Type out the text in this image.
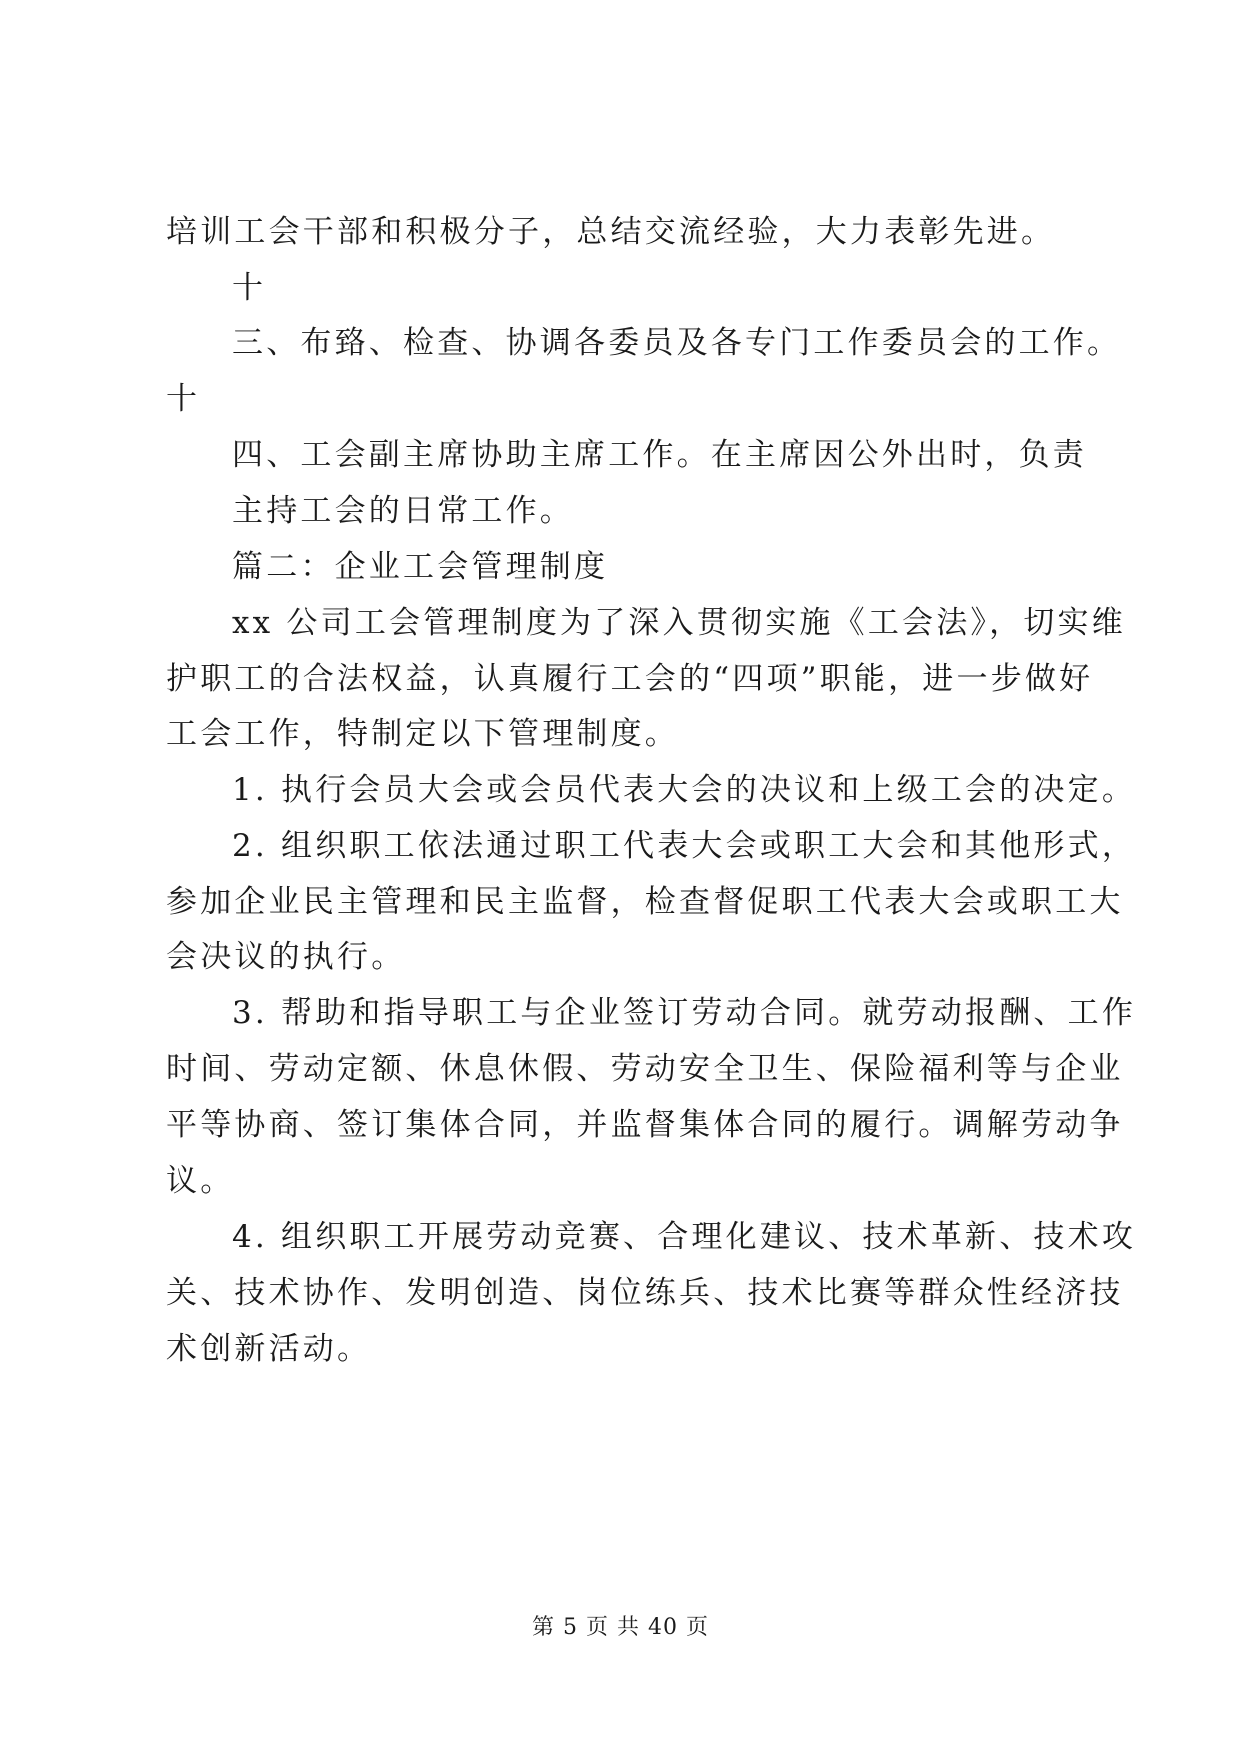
培训工会干部和积极分子，总结交流经验，大力表彰先进。
十
三、布臵、检查、协调各委员及各专门工作委员会的工作。
十
四、工会副主席协助主席工作。在主席因公外出时，负责
主持工会的日常工作。
篇二：企业工会管理制度
xx 公司工会管理制度为了深入贯彻实施《工会法》，切实维
护职工的合法权益，认真履行工会的“四项”职能，进一步做好
工会工作，特制定以下管理制度。
1. 执行会员大会或会员代表大会的决议和上级工会的决定。
2. 组织职工依法通过职工代表大会或职工大会和其他形式，
参加企业民主管理和民主监督，检查督促职工代表大会或职工大
会决议的执行。
3. 帮助和指导职工与企业签订劳动合同。就劳动报酬、工作
时间、劳动定额、休息休假、劳动安全卫生、保险福利等与企业
平等协商、签订集体合同，并监督集体合同的履行。调解劳动争
议。
4. 组织职工开展劳动竞赛、合理化建议、技术革新、技术攻
关、技术协作、发明创造、岗位练兵、技术比赛等群众性经济技
术创新活动。
第 5 页 共 40 页
